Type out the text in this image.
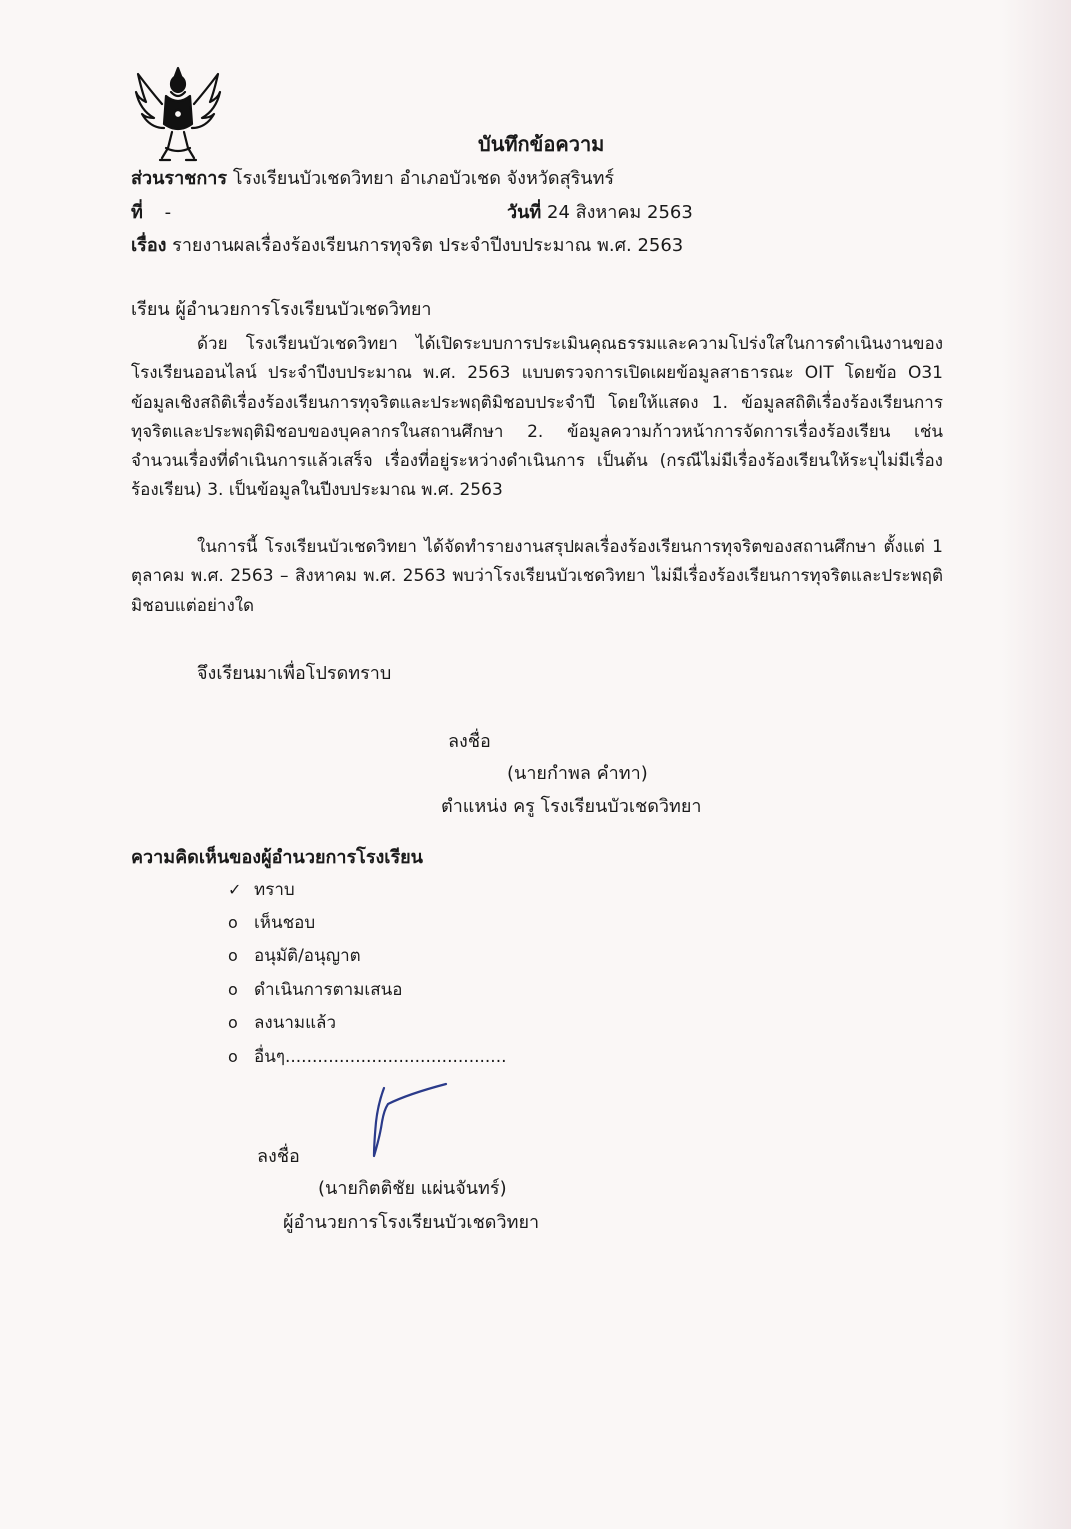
บันทึกข้อความ
ส่วนราชการ โรงเรียนบัวเชดวิทยา อำเภอบัวเชด จังหวัดสุรินทร์
ที่ -	วันที่ 24 สิงหาคม 2563
เรื่อง รายงานผลเรื่องร้องเรียนการทุจริต ประจำปีงบประมาณ พ.ศ. 2563
เรียน ผู้อำนวยการโรงเรียนบัวเชดวิทยา
ด้วย โรงเรียนบัวเชดวิทยา ได้เปิดระบบการประเมินคุณธรรมและความโปร่งใสในการดำเนินงานของโรงเรียนออนไลน์ ประจำปีงบประมาณ พ.ศ. 2563 แบบตรวจการเปิดเผยข้อมูลสาธารณะ OIT โดยข้อ O31 ข้อมูลเชิงสถิติเรื่องร้องเรียนการทุจริตและประพฤติมิชอบประจำปี โดยให้แสดง 1. ข้อมูลสถิติเรื่องร้องเรียนการทุจริตและประพฤติมิชอบของบุคลากรในสถานศึกษา 2. ข้อมูลความก้าวหน้าการจัดการเรื่องร้องเรียน เช่น จำนวนเรื่องที่ดำเนินการแล้วเสร็จ เรื่องที่อยู่ระหว่างดำเนินการ เป็นต้น (กรณีไม่มีเรื่องร้องเรียนให้ระบุไม่มีเรื่องร้องเรียน) 3. เป็นข้อมูลในปีงบประมาณ พ.ศ. 2563
ในการนี้ โรงเรียนบัวเชดวิทยา ได้จัดทำรายงานสรุปผลเรื่องร้องเรียนการทุจริตของสถานศึกษา ตั้งแต่ 1 ตุลาคม พ.ศ. 2563 – สิงหาคม พ.ศ. 2563 พบว่าโรงเรียนบัวเชดวิทยา ไม่มีเรื่องร้องเรียนการทุจริตและประพฤติมิชอบแต่อย่างใด
จึงเรียนมาเพื่อโปรดทราบ
ลงชื่อ
(นายกำพล คำทา)
ตำแหน่ง ครู โรงเรียนบัวเชดวิทยา
ความคิดเห็นของผู้อำนวยการโรงเรียน
✓ ทราบ
o เห็นชอบ
o อนุมัติ/อนุญาต
o ดำเนินการตามเสนอ
o ลงนามแล้ว
o อื่นๆ.........................................
ลงชื่อ
(นายกิตติชัย แผ่นจันทร์)
ผู้อำนวยการโรงเรียนบัวเชดวิทยา
